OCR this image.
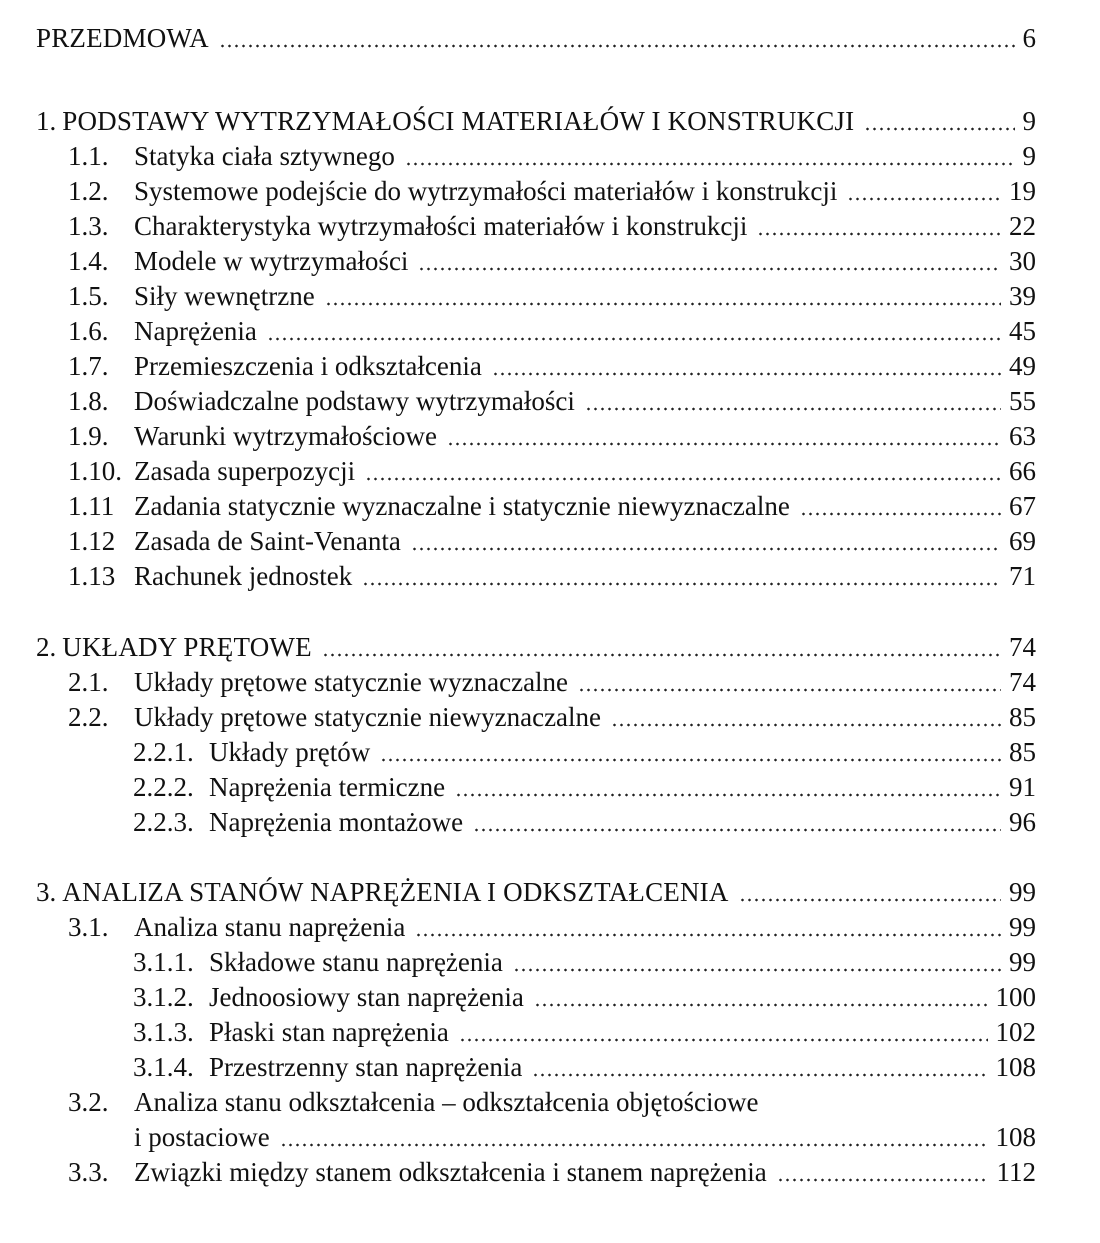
PRZEDMOWA	6
1. PODSTAWY WYTRZYMAŁOŚCI MATERIAŁÓW I KONSTRUKCJI	9
1.1. Statyka ciała sztywnego	9
1.2. Systemowe podejście do wytrzymałości materiałów i konstrukcji	19
1.3. Charakterystyka wytrzymałości materiałów i konstrukcji	22
1.4. Modele w wytrzymałości	30
1.5. Siły wewnętrzne	39
1.6. Naprężenia	45
1.7. Przemieszczenia i odkształcenia	49
1.8. Doświadczalne podstawy wytrzymałości	55
1.9. Warunki wytrzymałościowe	63
1.10. Zasada superpozycji	66
1.11 Zadania statycznie wyznaczalne i statycznie niewyznaczalne	67
1.12 Zasada de Saint-Venanta	69
1.13 Rachunek jednostek	71
2. UKŁADY PRĘTOWE	74
2.1. Układy prętowe statycznie wyznaczalne	74
2.2. Układy prętowe statycznie niewyznaczalne	85
2.2.1. Układy prętów	85
2.2.2. Naprężenia termiczne	91
2.2.3. Naprężenia montażowe	96
3. ANALIZA STANÓW NAPRĘŻENIA I ODKSZTAŁCENIA	99
3.1. Analiza stanu naprężenia	99
3.1.1. Składowe stanu naprężenia	99
3.1.2. Jednoosiowy stan naprężenia	100
3.1.3. Płaski stan naprężenia	102
3.1.4. Przestrzenny stan naprężenia	108
3.2. Analiza stanu odkształcenia – odkształcenia objętościowe
i postaciowe	108
3.3. Związki między stanem odkształcenia i stanem naprężenia	112
